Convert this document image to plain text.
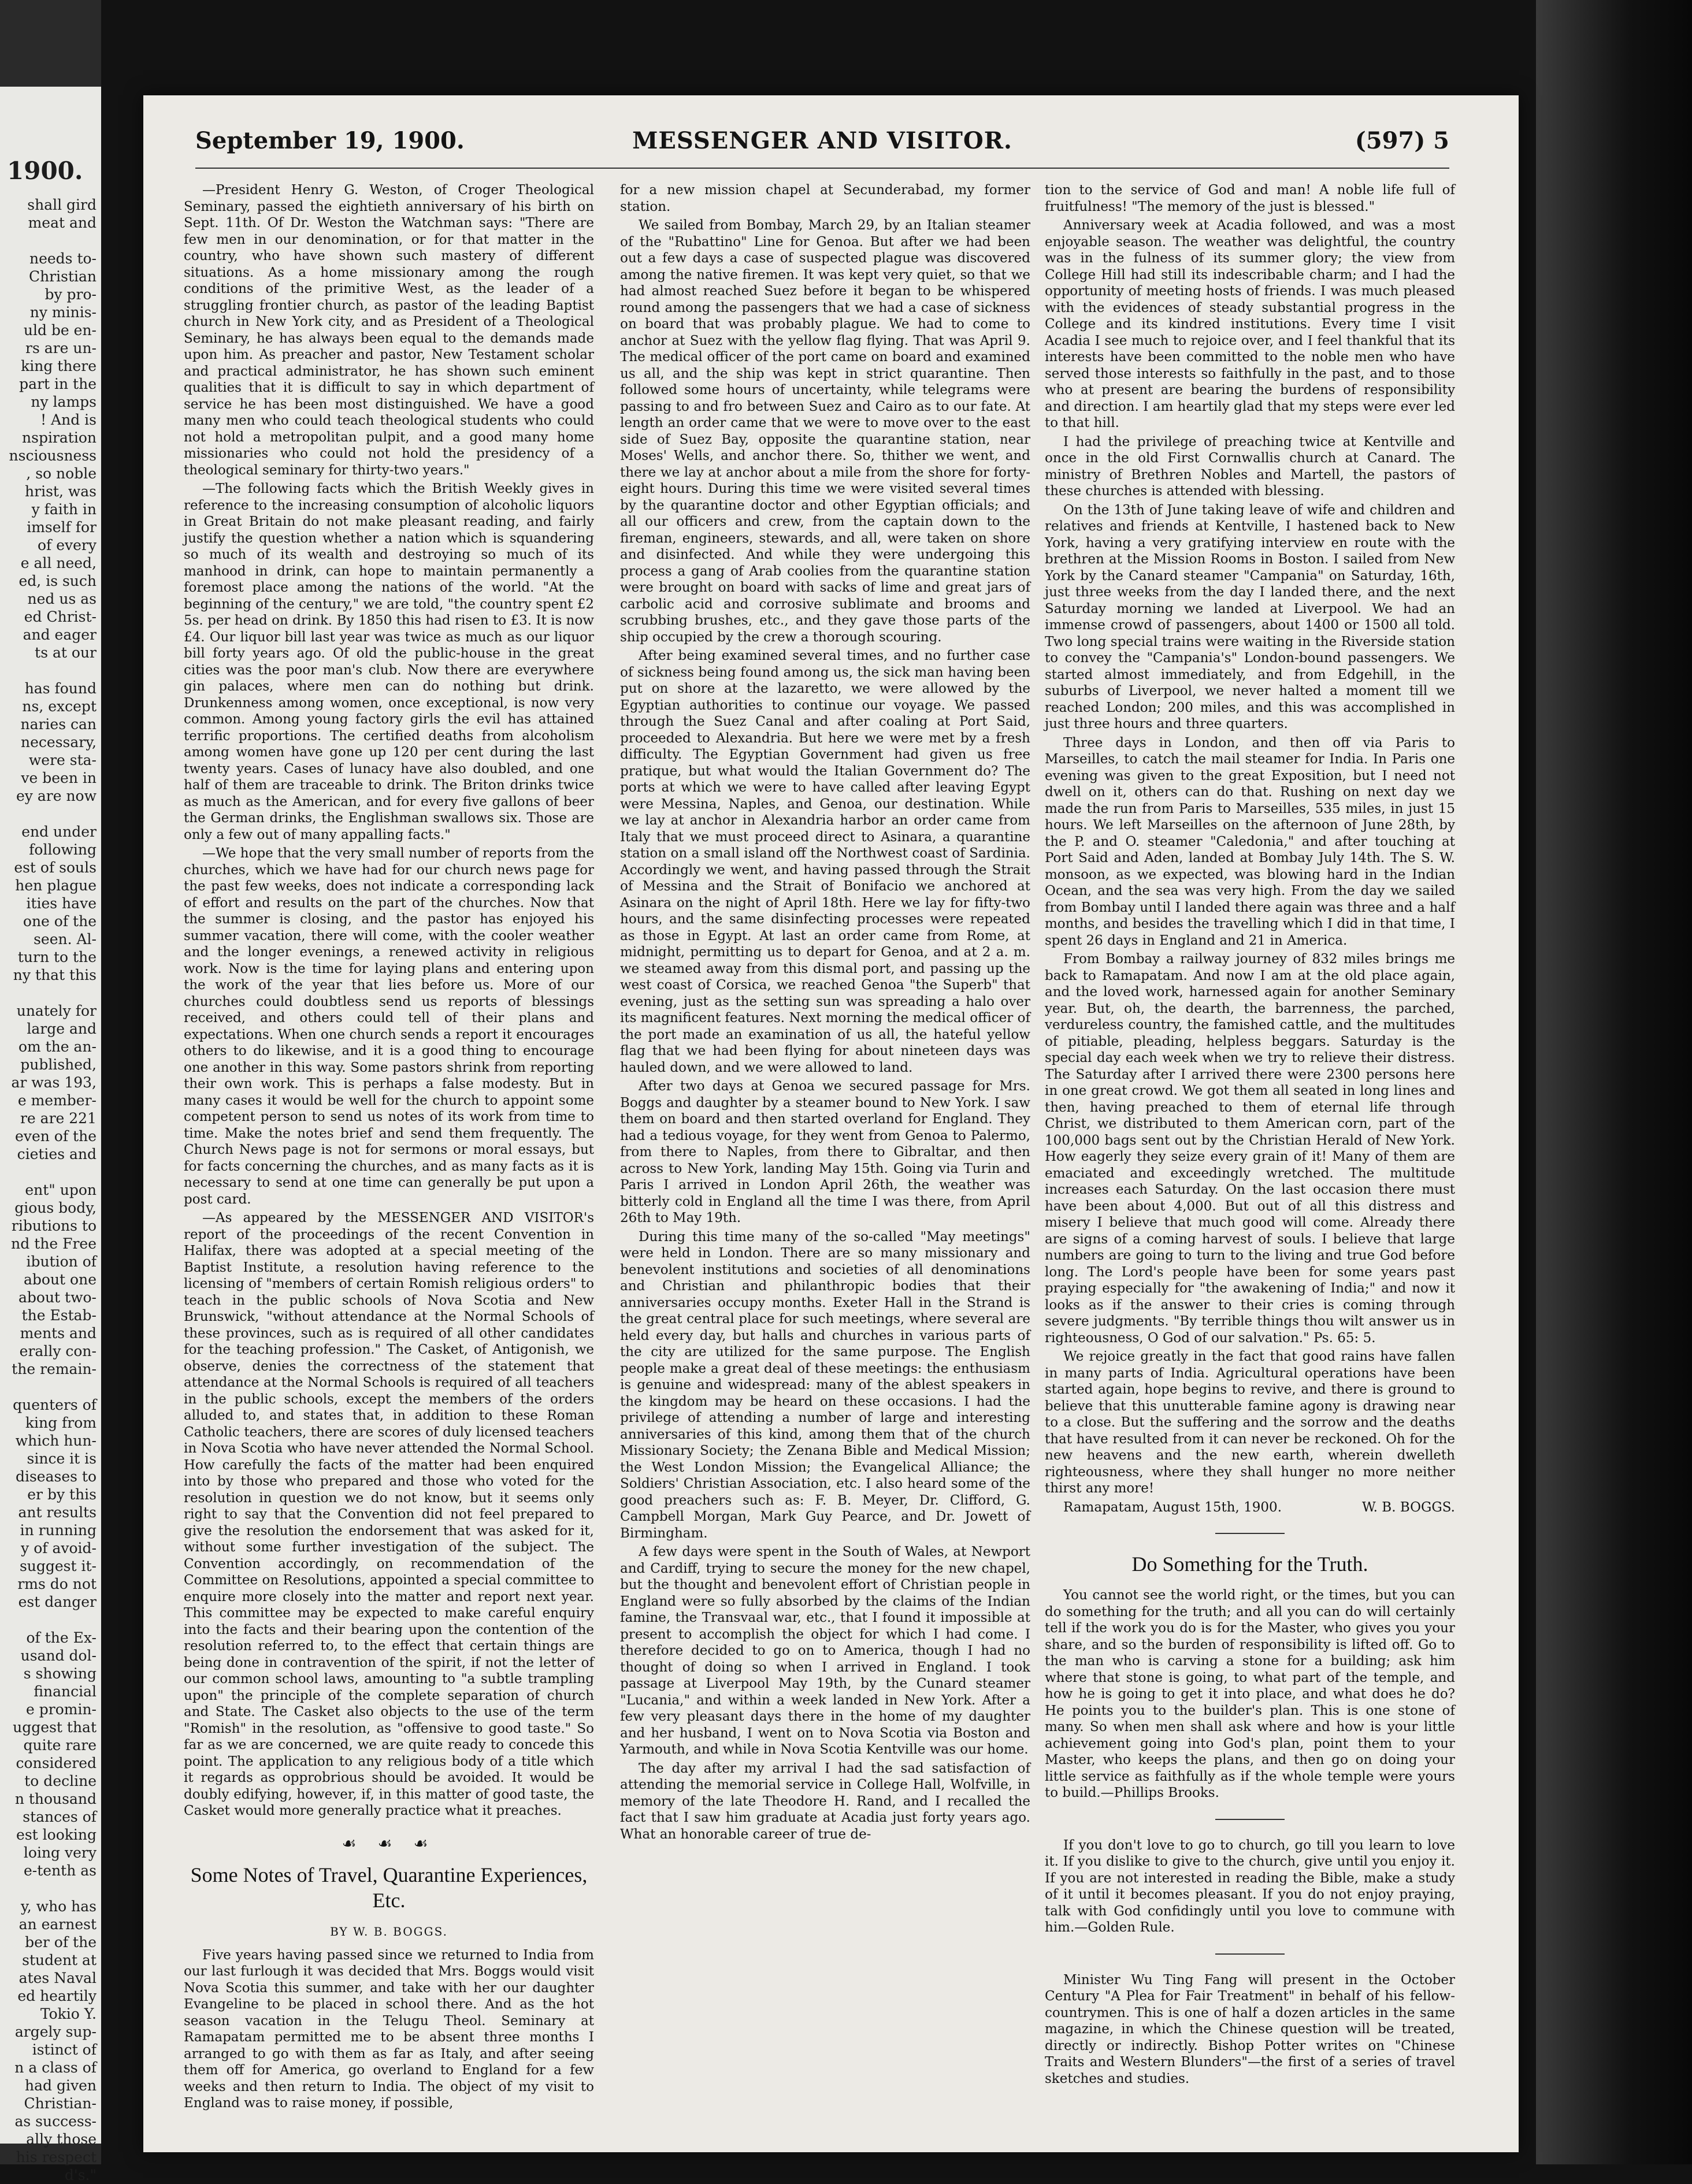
1900.
shall gird
meat and

needs to-
Christian
by pro-
ny minis-
uld be en-
rs are un-
king there
part in the
ny lamps
! And is
nspiration
nsciousness
, so noble
hrist, was
y faith in
imself for
of every
e all need,
ed, is such
ned us as
ed Christ-
and eager
ts at our

has found
ns, except
naries can
necessary,
were sta-
ve been in
ey are now

end under
following
est of souls
hen plague
ities have
one of the
seen. Al-
turn to the
ny that this

unately for
large and
om the an-
published,
ar was 193,
e member-
re are 221
even of the
cieties and

ent" upon
gious body,
ributions to
nd the Free
ibution of
about one
about two-
the Estab-
ments and
erally con-
the remain-

quenters of
king from
which hun-
since it is
diseases to
er by this
ant results
in running
y of avoid-
suggest it-
rms do not
est danger

of the Ex-
usand dol-
s showing
financial
e promin-
uggest that
quite rare
considered
to decline
n thousand
stances of
est looking
loing very
e-tenth as

y, who has
an earnest
ber of the
student at
ates Naval
ed heartily
Tokio Y.
argely sup-
istinct of
n a class of
had given
Christian-
as success-
ally those
his respect
d's."
September 19, 1900.	MESSENGER AND VISITOR.	(597) 5

—President Henry G. Weston, of Croger Theological Seminary, passed the eightieth anniversary of his birth on Sept. 11th. Of Dr. Weston the Watchman says: "There are few men in our denomination, or for that matter in the country, who have shown such mastery of different situations. As a home missionary among the rough conditions of the primitive West, as the leader of a struggling frontier church, as pastor of the leading Baptist church in New York city, and as President of a Theological Seminary, he has always been equal to the demands made upon him. As preacher and pastor, New Testament scholar and practical administrator, he has shown such eminent qualities that it is difficult to say in which department of service he has been most distinguished. We have a good many men who could teach theological students who could not hold a metropolitan pulpit, and a good many home missionaries who could not hold the presidency of a theological seminary for thirty-two years."

—The following facts which the British Weekly gives in reference to the increasing consumption of alcoholic liquors in Great Britain do not make pleasant reading, and fairly justify the question whether a nation which is squandering so much of its wealth and destroying so much of its manhood in drink, can hope to maintain permanently a foremost place among the nations of the world. "At the beginning of the century," we are told, "the country spent £2 5s. per head on drink. By 1850 this had risen to £3. It is now £4. Our liquor bill last year was twice as much as our liquor bill forty years ago. Of old the public-house in the great cities was the poor man's club. Now there are everywhere gin palaces, where men can do nothing but drink. Drunkenness among women, once exceptional, is now very common. Among young factory girls the evil has attained terrific proportions. The certified deaths from alcoholism among women have gone up 120 per cent during the last twenty years. Cases of lunacy have also doubled, and one half of them are traceable to drink. The Briton drinks twice as much as the American, and for every five gallons of beer the German drinks, the Englishman swallows six. Those are only a few out of many appalling facts."

—We hope that the very small number of reports from the churches, which we have had for our church news page for the past few weeks, does not indicate a corresponding lack of effort and results on the part of the churches. Now that the summer is closing, and the pastor has enjoyed his summer vacation, there will come, with the cooler weather and the longer evenings, a renewed activity in religious work. Now is the time for laying plans and entering upon the work of the year that lies before us. More of our churches could doubtless send us reports of blessings received, and others could tell of their plans and expectations. When one church sends a report it encourages others to do likewise, and it is a good thing to encourage one another in this way. Some pastors shrink from reporting their own work. This is perhaps a false modesty. But in many cases it would be well for the church to appoint some competent person to send us notes of its work from time to time. Make the notes brief and send them frequently. The Church News page is not for sermons or moral essays, but for facts concerning the churches, and as many facts as it is necessary to send at one time can generally be put upon a post card.

—As appeared by the MESSENGER AND VISITOR's report of the proceedings of the recent Convention in Halifax, there was adopted at a special meeting of the Baptist Institute, a resolution having reference to the licensing of "members of certain Romish religious orders" to teach in the public schools of Nova Scotia and New Brunswick, "without attendance at the Normal Schools of these provinces, such as is required of all other candidates for the teaching profession." The Casket, of Antigonish, we observe, denies the correctness of the statement that attendance at the Normal Schools is required of all teachers in the public schools, except the members of the orders alluded to, and states that, in addition to these Roman Catholic teachers, there are scores of duly licensed teachers in Nova Scotia who have never attended the Normal School. How carefully the facts of the matter had been enquired into by those who prepared and those who voted for the resolution in question we do not know, but it seems only right to say that the Convention did not feel prepared to give the resolution the endorsement that was asked for it, without some further investigation of the subject. The Convention accordingly, on recommendation of the Committee on Resolutions, appointed a special committee to enquire more closely into the matter and report next year. This committee may be expected to make careful enquiry into the facts and their bearing upon the contention of the resolution referred to, to the effect that certain things are being done in contravention of the spirit, if not the letter of our common school laws, amounting to "a subtle trampling upon" the principle of the complete separation of church and State. The Casket also objects to the use of the term "Romish" in the resolution, as "offensive to good taste." So far as we are concerned, we are quite ready to concede this point. The application to any religious body of a title which it regards as opprobrious should be avoided. It would be doubly edifying, however, if, in this matter of good taste, the Casket would more generally practice what it preaches.

☙ ☙ ☙
Some Notes of Travel, Quarantine Experiences, Etc.
BY W. B. BOGGS.

Five years having passed since we returned to India from our last furlough it was decided that Mrs. Boggs would visit Nova Scotia this summer, and take with her our daughter Evangeline to be placed in school there. And as the hot season vacation in the Telugu Theol. Seminary at Ramapatam permitted me to be absent three months I arranged to go with them as far as Italy, and after seeing them off for America, go overland to England for a few weeks and then return to India. The object of my visit to England was to raise money, if possible,

for a new mission chapel at Secunderabad, my former station.

We sailed from Bombay, March 29, by an Italian steamer of the "Rubattino" Line for Genoa. But after we had been out a few days a case of suspected plague was discovered among the native firemen. It was kept very quiet, so that we had almost reached Suez before it began to be whispered round among the passengers that we had a case of sickness on board that was probably plague. We had to come to anchor at Suez with the yellow flag flying. That was April 9. The medical officer of the port came on board and examined us all, and the ship was kept in strict quarantine. Then followed some hours of uncertainty, while telegrams were passing to and fro between Suez and Cairo as to our fate. At length an order came that we were to move over to the east side of Suez Bay, opposite the quarantine station, near Moses' Wells, and anchor there. So, thither we went, and there we lay at anchor about a mile from the shore for forty-eight hours. During this time we were visited several times by the quarantine doctor and other Egyptian officials; and all our officers and crew, from the captain down to the fireman, engineers, stewards, and all, were taken on shore and disinfected. And while they were undergoing this process a gang of Arab coolies from the quarantine station were brought on board with sacks of lime and great jars of carbolic acid and corrosive sublimate and brooms and scrubbing brushes, etc., and they gave those parts of the ship occupied by the crew a thorough scouring.

After being examined several times, and no further case of sickness being found among us, the sick man having been put on shore at the lazaretto, we were allowed by the Egyptian authorities to continue our voyage. We passed through the Suez Canal and after coaling at Port Said, proceeded to Alexandria. But here we were met by a fresh difficulty. The Egyptian Government had given us free pratique, but what would the Italian Government do? The ports at which we were to have called after leaving Egypt were Messina, Naples, and Genoa, our destination. While we lay at anchor in Alexandria harbor an order came from Italy that we must proceed direct to Asinara, a quarantine station on a small island off the Northwest coast of Sardinia. Accordingly we went, and having passed through the Strait of Messina and the Strait of Bonifacio we anchored at Asinara on the night of April 18th. Here we lay for fifty-two hours, and the same disinfecting processes were repeated as those in Egypt. At last an order came from Rome, at midnight, permitting us to depart for Genoa, and at 2 a. m. we steamed away from this dismal port, and passing up the west coast of Corsica, we reached Genoa "the Superb" that evening, just as the setting sun was spreading a halo over its magnificent features. Next morning the medical officer of the port made an examination of us all, the hateful yellow flag that we had been flying for about nineteen days was hauled down, and we were allowed to land.

After two days at Genoa we secured passage for Mrs. Boggs and daughter by a steamer bound to New York. I saw them on board and then started overland for England. They had a tedious voyage, for they went from Genoa to Palermo, from there to Naples, from there to Gibraltar, and then across to New York, landing May 15th. Going via Turin and Paris I arrived in London April 26th, the weather was bitterly cold in England all the time I was there, from April 26th to May 19th.

During this time many of the so-called "May meetings" were held in London. There are so many missionary and benevolent institutions and societies of all denominations and Christian and philanthropic bodies that their anniversaries occupy months. Exeter Hall in the Strand is the great central place for such meetings, where several are held every day, but halls and churches in various parts of the city are utilized for the same purpose. The English people make a great deal of these meetings: the enthusiasm is genuine and widespread: many of the ablest speakers in the kingdom may be heard on these occasions. I had the privilege of attending a number of large and interesting anniversaries of this kind, among them that of the church Missionary Society; the Zenana Bible and Medical Mission; the West London Mission; the Evangelical Alliance; the Soldiers' Christian Association, etc. I also heard some of the good preachers such as: F. B. Meyer, Dr. Clifford, G. Campbell Morgan, Mark Guy Pearce, and Dr. Jowett of Birmingham.

A few days were spent in the South of Wales, at Newport and Cardiff, trying to secure the money for the new chapel, but the thought and benevolent effort of Christian people in England were so fully absorbed by the claims of the Indian famine, the Transvaal war, etc., that I found it impossible at present to accomplish the object for which I had come. I therefore decided to go on to America, though I had no thought of doing so when I arrived in England. I took passage at Liverpool May 19th, by the Cunard steamer "Lucania," and within a week landed in New York. After a few very pleasant days there in the home of my daughter and her husband, I went on to Nova Scotia via Boston and Yarmouth, and while in Nova Scotia Kentville was our home.

The day after my arrival I had the sad satisfaction of attending the memorial service in College Hall, Wolfville, in memory of the late Theodore H. Rand, and I recalled the fact that I saw him graduate at Acadia just forty years ago. What an honorable career of true de-

tion to the service of God and man! A noble life full of fruitfulness! "The memory of the just is blessed."

Anniversary week at Acadia followed, and was a most enjoyable season. The weather was delightful, the country was in the fulness of its summer glory; the view from College Hill had still its indescribable charm; and I had the opportunity of meeting hosts of friends. I was much pleased with the evidences of steady substantial progress in the College and its kindred institutions. Every time I visit Acadia I see much to rejoice over, and I feel thankful that its interests have been committed to the noble men who have served those interests so faithfully in the past, and to those who at present are bearing the burdens of responsibility and direction. I am heartily glad that my steps were ever led to that hill.

I had the privilege of preaching twice at Kentville and once in the old First Cornwallis church at Canard. The ministry of Brethren Nobles and Martell, the pastors of these churches is attended with blessing.

On the 13th of June taking leave of wife and children and relatives and friends at Kentville, I hastened back to New York, having a very gratifying interview en route with the brethren at the Mission Rooms in Boston. I sailed from New York by the Canard steamer "Campania" on Saturday, 16th, just three weeks from the day I landed there, and the next Saturday morning we landed at Liverpool. We had an immense crowd of passengers, about 1400 or 1500 all told. Two long special trains were waiting in the Riverside station to convey the "Campania's" London-bound passengers. We started almost immediately, and from Edgehill, in the suburbs of Liverpool, we never halted a moment till we reached London; 200 miles, and this was accomplished in just three hours and three quarters.

Three days in London, and then off via Paris to Marseilles, to catch the mail steamer for India. In Paris one evening was given to the great Exposition, but I need not dwell on it, others can do that. Rushing on next day we made the run from Paris to Marseilles, 535 miles, in just 15 hours. We left Marseilles on the afternoon of June 28th, by the P. and O. steamer "Caledonia," and after touching at Port Said and Aden, landed at Bombay July 14th. The S. W. monsoon, as we expected, was blowing hard in the Indian Ocean, and the sea was very high. From the day we sailed from Bombay until I landed there again was three and a half months, and besides the travelling which I did in that time, I spent 26 days in England and 21 in America.

From Bombay a railway journey of 832 miles brings me back to Ramapatam. And now I am at the old place again, and the loved work, harnessed again for another Seminary year. But, oh, the dearth, the barrenness, the parched, verdureless country, the famished cattle, and the multitudes of pitiable, pleading, helpless beggars. Saturday is the special day each week when we try to relieve their distress. The Saturday after I arrived there were 2300 persons here in one great crowd. We got them all seated in long lines and then, having preached to them of eternal life through Christ, we distributed to them American corn, part of the 100,000 bags sent out by the Christian Herald of New York. How eagerly they seize every grain of it! Many of them are emaciated and exceedingly wretched. The multitude increases each Saturday. On the last occasion there must have been about 4,000. But out of all this distress and misery I believe that much good will come. Already there are signs of a coming harvest of souls. I believe that large numbers are going to turn to the living and true God before long. The Lord's people have been for some years past praying especially for "the awakening of India;" and now it looks as if the answer to their cries is coming through severe judgments. "By terrible things thou wilt answer us in righteousness, O God of our salvation." Ps. 65: 5.

We rejoice greatly in the fact that good rains have fallen in many parts of India. Agricultural operations have been started again, hope begins to revive, and there is ground to believe that this unutterable famine agony is drawing near to a close. But the suffering and the sorrow and the deaths that have resulted from it can never be reckoned. Oh for the new heavens and the new earth, wherein dwelleth righteousness, where they shall hunger no more neither thirst any more!

Ramapatam, August 15th, 1900.	W. B. BOGGS.
Do Something for the Truth.

You cannot see the world right, or the times, but you can do something for the truth; and all you can do will certainly tell if the work you do is for the Master, who gives you your share, and so the burden of responsibility is lifted off. Go to the man who is carving a stone for a building; ask him where that stone is going, to what part of the temple, and how he is going to get it into place, and what does he do? He points you to the builder's plan. This is one stone of many. So when men shall ask where and how is your little achievement going into God's plan, point them to your Master, who keeps the plans, and then go on doing your little service as faithfully as if the whole temple were yours to build.—Phillips Brooks.

If you don't love to go to church, go till you learn to love it. If you dislike to give to the church, give until you enjoy it. If you are not interested in reading the Bible, make a study of it until it becomes pleasant. If you do not enjoy praying, talk with God confidingly until you love to commune with him.—Golden Rule.

Minister Wu Ting Fang will present in the October Century "A Plea for Fair Treatment" in behalf of his fellow-countrymen. This is one of half a dozen articles in the same magazine, in which the Chinese question will be treated, directly or indirectly. Bishop Potter writes on "Chinese Traits and Western Blunders"—the first of a series of travel sketches and studies.
